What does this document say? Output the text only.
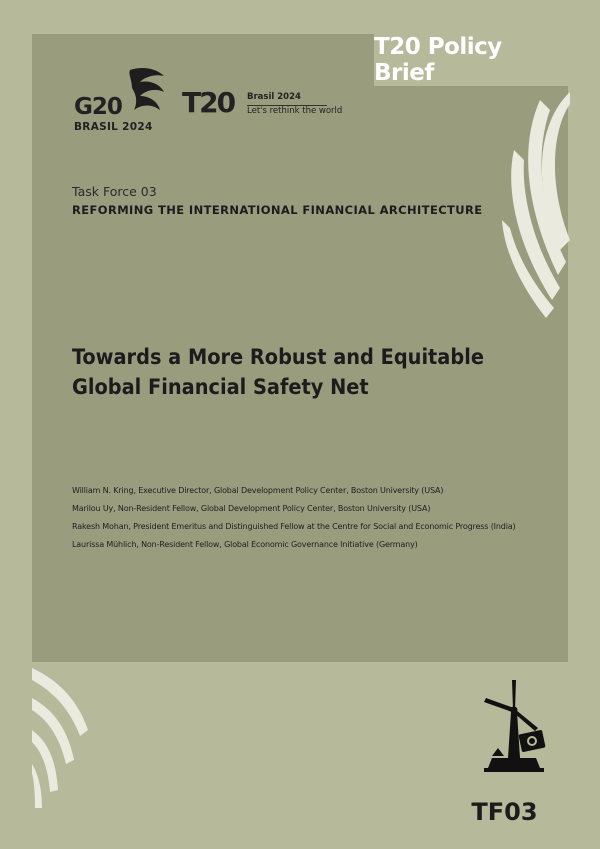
T20 Policy Brief
G20
BRASIL 2024
T20 Brasil 2024
Let's rethink the world
Task Force 03
REFORMING THE INTERNATIONAL FINANCIAL ARCHITECTURE
Towards a More Robust and Equitable
Global Financial Safety Net
William N. Kring, Executive Director, Global Development Policy Center, Boston University (USA)
Marilou Uy, Non-Resident Fellow, Global Development Policy Center, Boston University (USA)
Rakesh Mohan, President Emeritus and Distinguished Fellow at the Centre for Social and Economic Progress (India)
Laurissa Mühlich, Non-Resident Fellow, Global Economic Governance Initiative (Germany)
TF03
